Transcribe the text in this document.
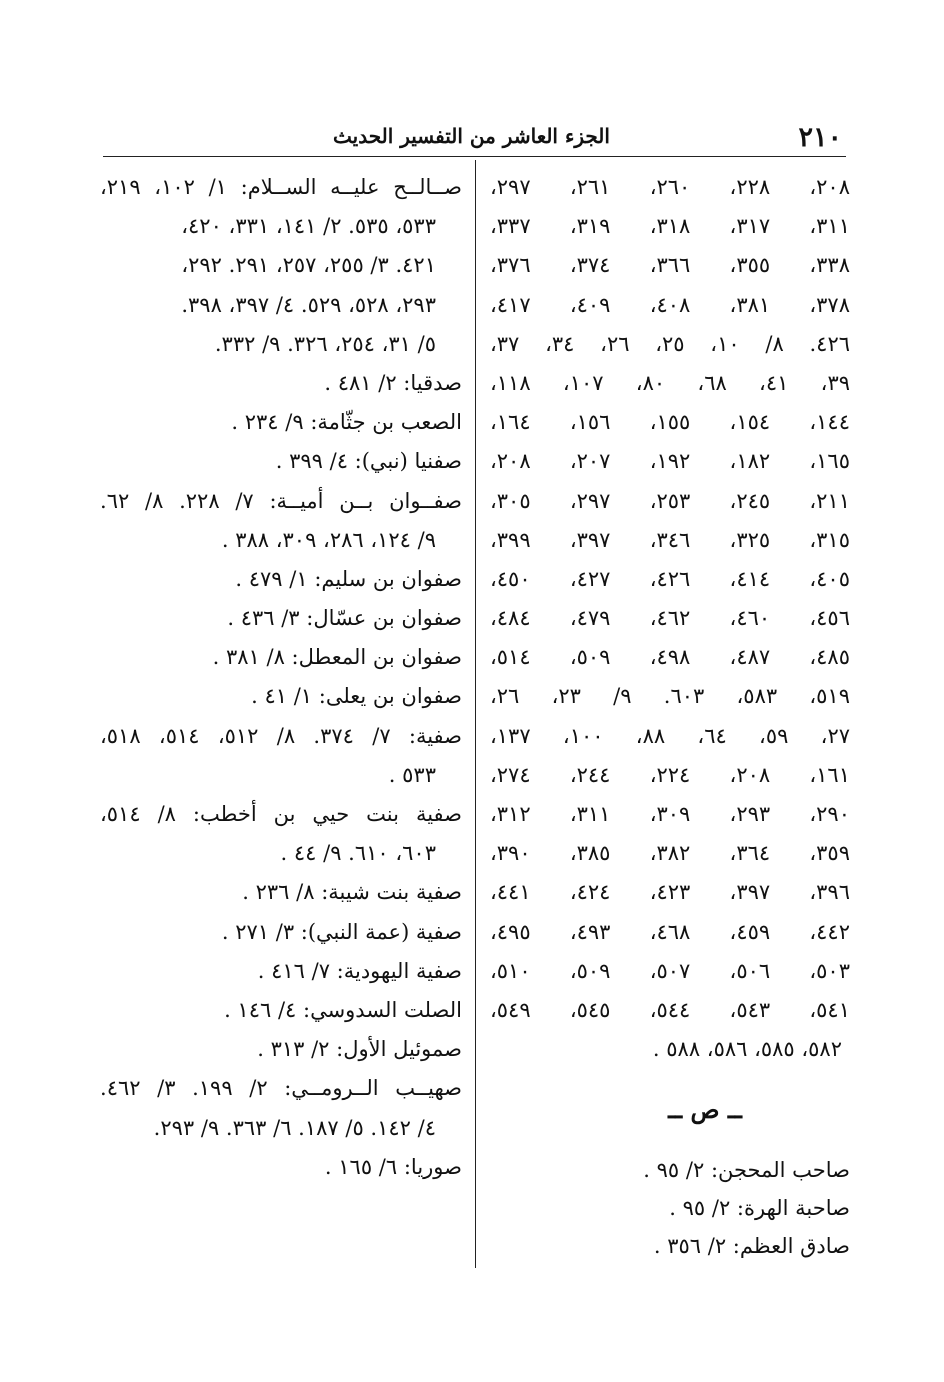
٢١٠
الجزء العاشر من التفسير الحديث
٢٠٨، ٢٢٨، ٢٦٠، ٢٦١، ٢٩٧،
٣١١، ٣١٧، ٣١٨، ٣١٩، ٣٣٧،
٣٣٨، ٣٥٥، ٣٦٦، ٣٧٤، ٣٧٦،
٣٧٨، ٣٨١، ٤٠٨، ٤٠٩، ٤١٧،
٤٢٦. ٨/ ١٠، ٢٥، ٢٦، ٣٤، ٣٧،
٣٩، ٤١، ٦٨، ٨٠، ١٠٧، ١١٨،
١٤٤، ١٥٤، ١٥٥، ١٥٦، ١٦٤،
١٦٥، ١٨٢، ١٩٢، ٢٠٧، ٢٠٨،
٢١١، ٢٤٥، ٢٥٣، ٢٩٧، ٣٠٥،
٣١٥، ٣٢٥، ٣٤٦، ٣٩٧، ٣٩٩،
٤٠٥، ٤١٤، ٤٢٦، ٤٢٧، ٤٥٠،
٤٥٦، ٤٦٠، ٤٦٢، ٤٧٩، ٤٨٤،
٤٨٥، ٤٨٧، ٤٩٨، ٥٠٩، ٥١٤،
٥١٩، ٥٨٣، ٦٠٣. ٩/ ٢٣، ٢٦،
٢٧، ٥٩، ٦٤، ٨٨، ١٠٠، ١٣٧،
١٦١، ٢٠٨، ٢٢٤، ٢٤٤، ٢٧٤،
٢٩٠، ٢٩٣، ٣٠٩، ٣١١، ٣١٢،
٣٥٩، ٣٦٤، ٣٨٢، ٣٨٥، ٣٩٠،
٣٩٦، ٣٩٧، ٤٢٣، ٤٢٤، ٤٤١،
٤٤٢، ٤٥٩، ٤٦٨، ٤٩٣، ٤٩٥،
٥٠٣، ٥٠٦، ٥٠٧، ٥٠٩، ٥١٠،
٥٤١، ٥٤٣، ٥٤٤، ٥٤٥، ٥٤٩،
٥٨٢، ٥٨٥، ٥٨٦، ٥٨٨ .
ــ ص ــ
صاحب المحجن: ٢/ ٩٥ .
صاحبة الهرة: ٢/ ٩٥ .
صادق العظم: ٢/ ٣٥٦ .
صــالــح عليــه الســلام: ١/ ١٠٢، ٢١٩،
٥٣٣، ٥٣٥. ٢/ ١٤١، ٣٣١، ٤٢٠،
٤٢١. ٣/ ٢٥٥، ٢٥٧، ٢٩١. ٢٩٢،
٢٩٣، ٥٢٨، ٥٢٩. ٤/ ٣٩٧، ٣٩٨.
٥/ ٣١، ٢٥٤، ٣٢٦. ٩/ ٣٣٢.
صدقيا: ٢/ ٤٨١ .
الصعب بن جثّامة: ٩/ ٢٣٤ .
صفنيا (نبي): ٤/ ٣٩٩ .
صفــوان بــن أميــة: ٧/ ٢٢٨. ٨/ ٦٢.
٩/ ١٢٤، ٢٨٦، ٣٠٩، ٣٨٨ .
صفوان بن سليم: ١/ ٤٧٩ .
صفوان بن عسّال: ٣/ ٤٣٦ .
صفوان بن المعطل: ٨/ ٣٨١ .
صفوان بن يعلى: ١/ ٤١ .
صفية: ٧/ ٣٧٤. ٨/ ٥١٢، ٥١٤، ٥١٨،
٥٣٣ .
صفية بنت حيي بن أخطب: ٨/ ٥١٤،
٦٠٣، ٦١٠. ٩/ ٤٤ .
صفية بنت شيبة: ٨/ ٢٣٦ .
صفية (عمة النبي): ٣/ ٢٧١ .
صفية اليهودية: ٧/ ٤١٦ .
الصلت السدوسي: ٤/ ١٤٦ .
صموئيل الأول: ٢/ ٣١٣ .
صهيــب الــرومــي: ٢/ ١٩٩. ٣/ ٤٦٢.
٤/ ١٤٢. ٥/ ١٨٧. ٦/ ٣٦٣. ٩/ ٢٩٣.
صوريا: ٦/ ١٦٥ .
